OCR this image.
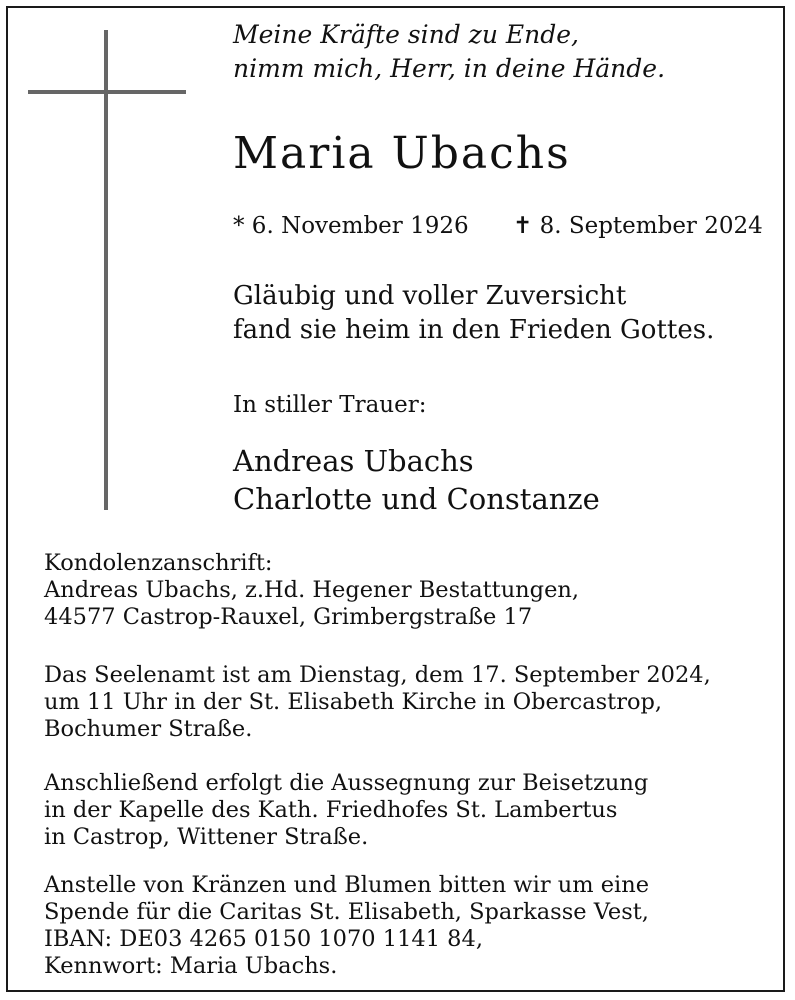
Meine Kräfte sind zu Ende,
nimm mich, Herr, in deine Hände.
Maria Ubachs
* 6. November 1926 ✝ 8. September 2024
Gläubig und voller Zuversicht
fand sie heim in den Frieden Gottes.
In stiller Trauer:
Andreas Ubachs
Charlotte und Constanze
Kondolenzanschrift:
Andreas Ubachs, z.Hd. Hegener Bestattungen,
44577 Castrop-Rauxel, Grimbergstraße 17
Das Seelenamt ist am Dienstag, dem 17. September 2024,
um 11 Uhr in der St. Elisabeth Kirche in Obercastrop,
Bochumer Straße.
Anschließend erfolgt die Aussegnung zur Beisetzung
in der Kapelle des Kath. Friedhofes St. Lambertus
in Castrop, Wittener Straße.
Anstelle von Kränzen und Blumen bitten wir um eine
Spende für die Caritas St. Elisabeth, Sparkasse Vest,
IBAN: DE03 4265 0150 1070 1141 84,
Kennwort: Maria Ubachs.
